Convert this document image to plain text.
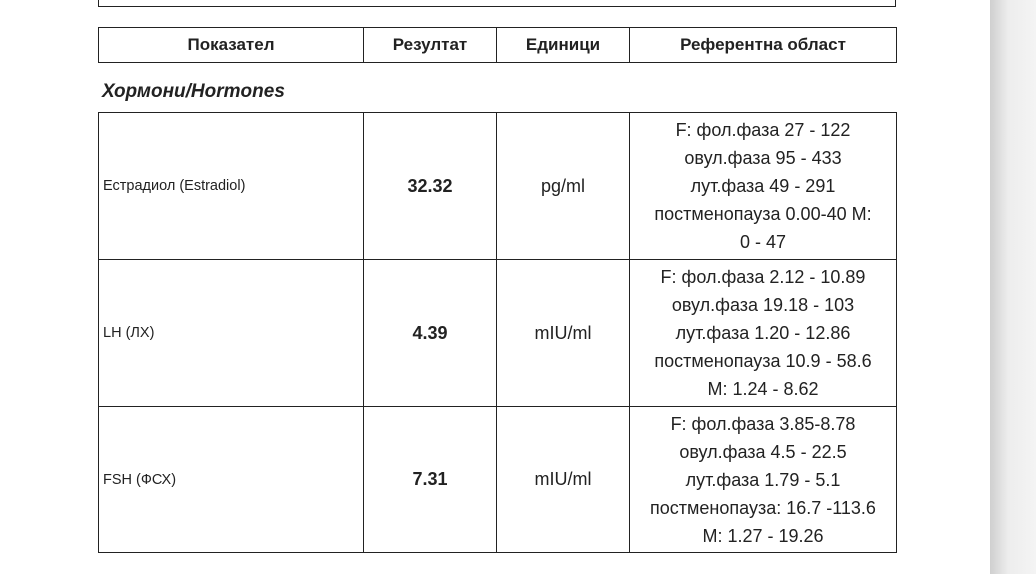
Показател	Резултат	Единици	Референтна област
Хормони/Hormones
Естрадиол (Estradiol)	32.32	pg/ml	F: фол.фаза 27 - 122
овул.фаза 95 - 433
лут.фаза 49 - 291
постменопауза 0.00-40 М:
0 - 47

LH (ЛХ)	4.39	mIU/ml	F: фол.фаза 2.12 - 10.89
овул.фаза 19.18 - 103
лут.фаза 1.20 - 12.86
постменопауза 10.9 - 58.6
М: 1.24 - 8.62

FSH (ФСХ)	7.31	mIU/ml	F: фол.фаза 3.85-8.78
овул.фаза 4.5 - 22.5
лут.фаза 1.79 - 5.1
постменопауза: 16.7 -113.6
М: 1.27 - 19.26
